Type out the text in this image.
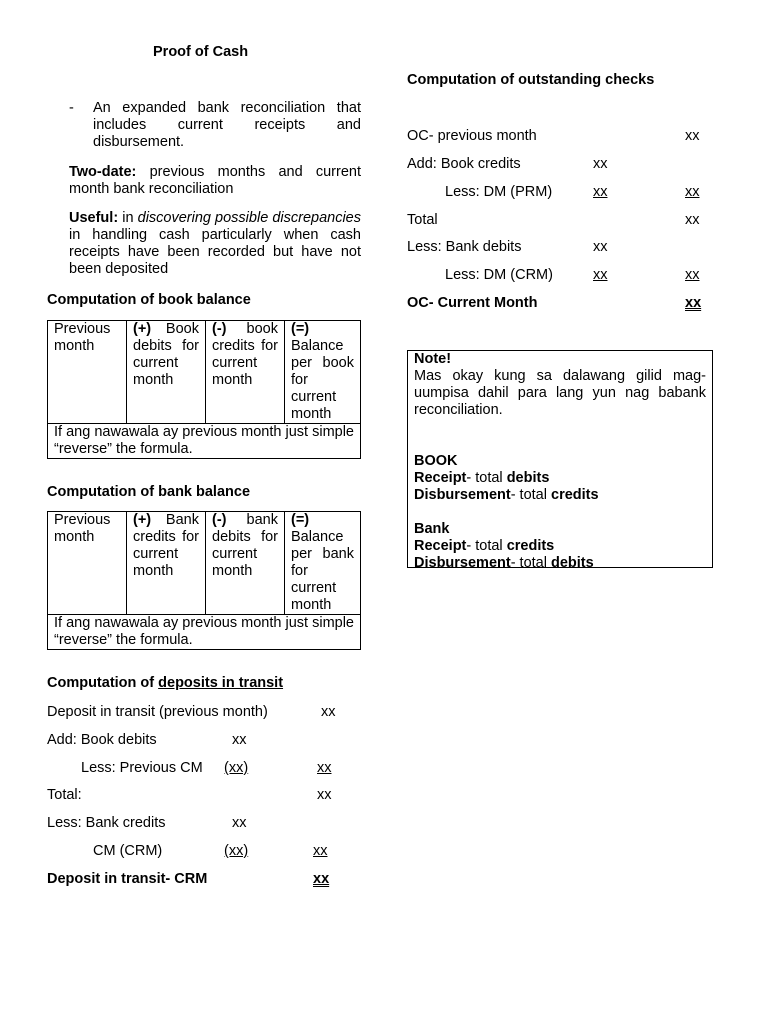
Proof of Cash
- An expanded bank reconciliation that includes current receipts and disbursement.
Two-date: previous months and current month bank reconciliation
Useful: in discovering possible discrepancies in handling cash particularly when cash receipts have been recorded but have not been deposited
Computation of book balance
Previous month	(+) Book debits for current month	(-) book credits for current month	(=) Balance per book for current month
If ang nawawala ay previous month just simple “reverse” the formula.
Computation of bank balance
Previous month	(+) Bank credits for current month	(-) bank debits for current month	(=) Balance per bank for current month
If ang nawawala ay previous month just simple “reverse” the formula.
Computation of deposits in transit
Deposit in transit (previous month)	xx
Add: Book debits	xx
Less: Previous CM (xx)	xx
Total:	xx
Less: Bank credits	xx
CM (CRM)	(xx)	xx
Deposit in transit- CRM	xx
Computation of outstanding checks
OC- previous month	xx
Add: Book credits	xx
Less: DM (PRM)	xx	xx
Total	xx
Less: Bank debits	xx
Less: DM (CRM)	xx	xx
OC- Current Month	xx

Note!

Mas okay kung sa dalawang gilid mag-uumpisa dahil para lang yun nag babank reconciliation.

BOOK

Receipt- total debits

Disbursement- total credits

Bank

Receipt- total credits

Disbursement- total debits
